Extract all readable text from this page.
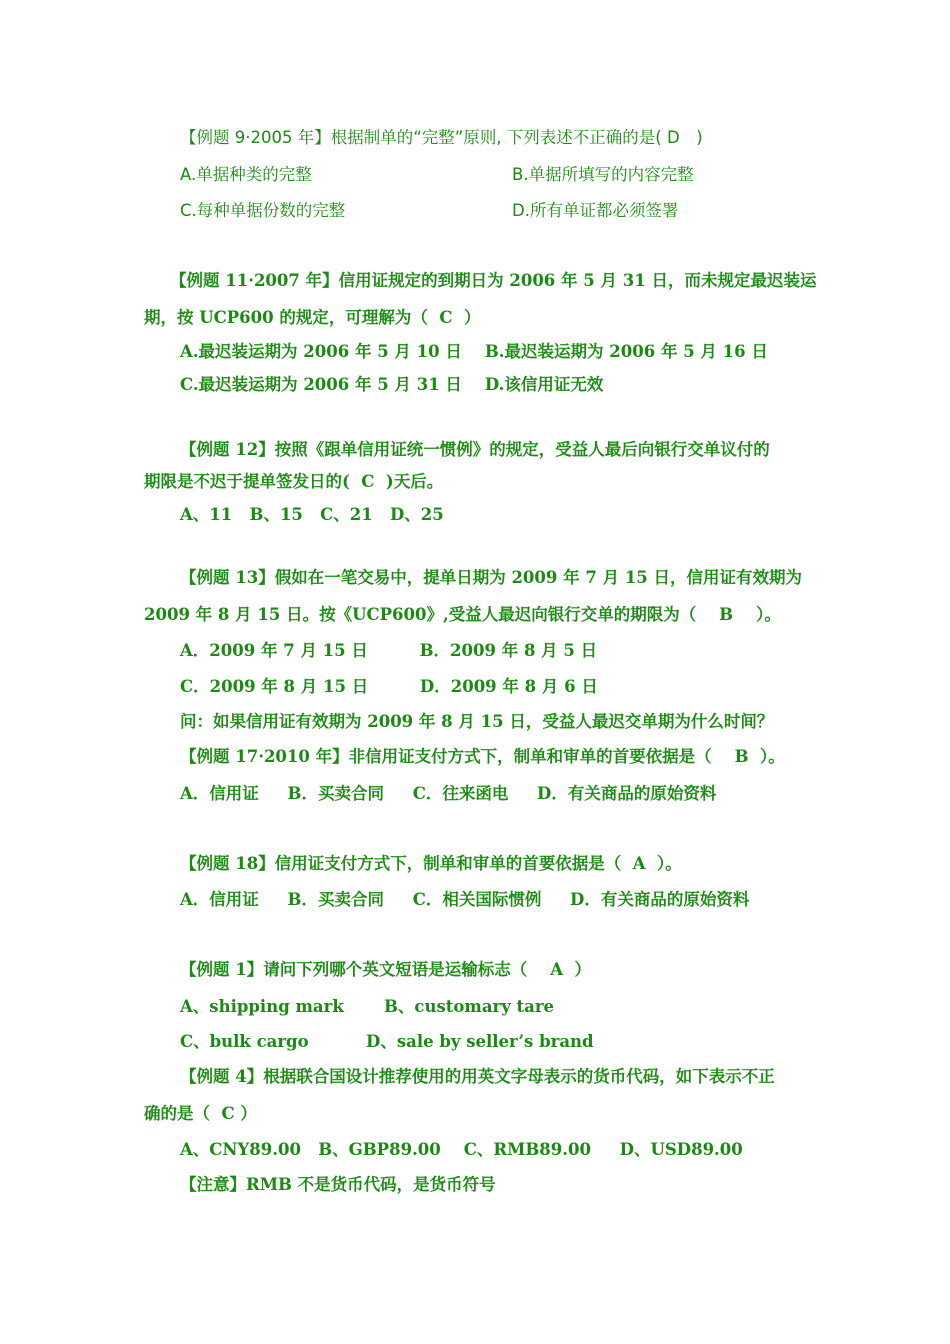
【例题 9·2005 年】根据制单的“完整”原则, 下列表述不正确的是( D　)
A.单据种类的完整	B.单据所填写的内容完整
C.每种单据份数的完整	D.所有单证都必须签署
【例题 11·2007 年】信用证规定的到期日为 2006 年 5 月 31 日，而未规定最迟装运
期，按 UCP600 的规定，可理解为（  C  ）
A.最迟装运期为 2006 年 5 月 10 日    B.最迟装运期为 2006 年 5 月 16 日
C.最迟装运期为 2006 年 5 月 31 日    D.该信用证无效
【例题 12】按照《跟单信用证统一惯例》的规定，受益人最后向银行交单议付的
期限是不迟于提单签发日的(  C  )天后。
A、11   B、15   C、21   D、25
【例题 13】假如在一笔交易中，提单日期为 2009 年 7 月 15 日，信用证有效期为
2009 年 8 月 15 日。按《UCP600》,受益人最迟向银行交单的期限为（    B    ）。
A．2009 年 7 月 15 日         B．2009 年 8 月 5 日
C．2009 年 8 月 15 日         D．2009 年 8 月 6 日
问：如果信用证有效期为 2009 年 8 月 15 日，受益人最迟交单期为什么时间？
【例题 17·2010 年】非信用证支付方式下，制单和审单的首要依据是（    B  ）。
A．信用证     B．买卖合同     C．往来函电     D．有关商品的原始资料
【例题 18】信用证支付方式下，制单和审单的首要依据是（  A  ）。
A．信用证     B．买卖合同     C．相关国际惯例     D．有关商品的原始资料
【例题 1】请问下列哪个英文短语是运输标志（    A  ）
A、shipping mark       B、customary tare
C、bulk cargo          D、sale by seller’s brand
【例题 4】根据联合国设计推荐使用的用英文字母表示的货币代码，如下表示不正
确的是（  C ）
A、CNY89.00   B、GBP89.00    C、RMB89.00     D、USD89.00
【注意】RMB 不是货币代码，是货币符号
